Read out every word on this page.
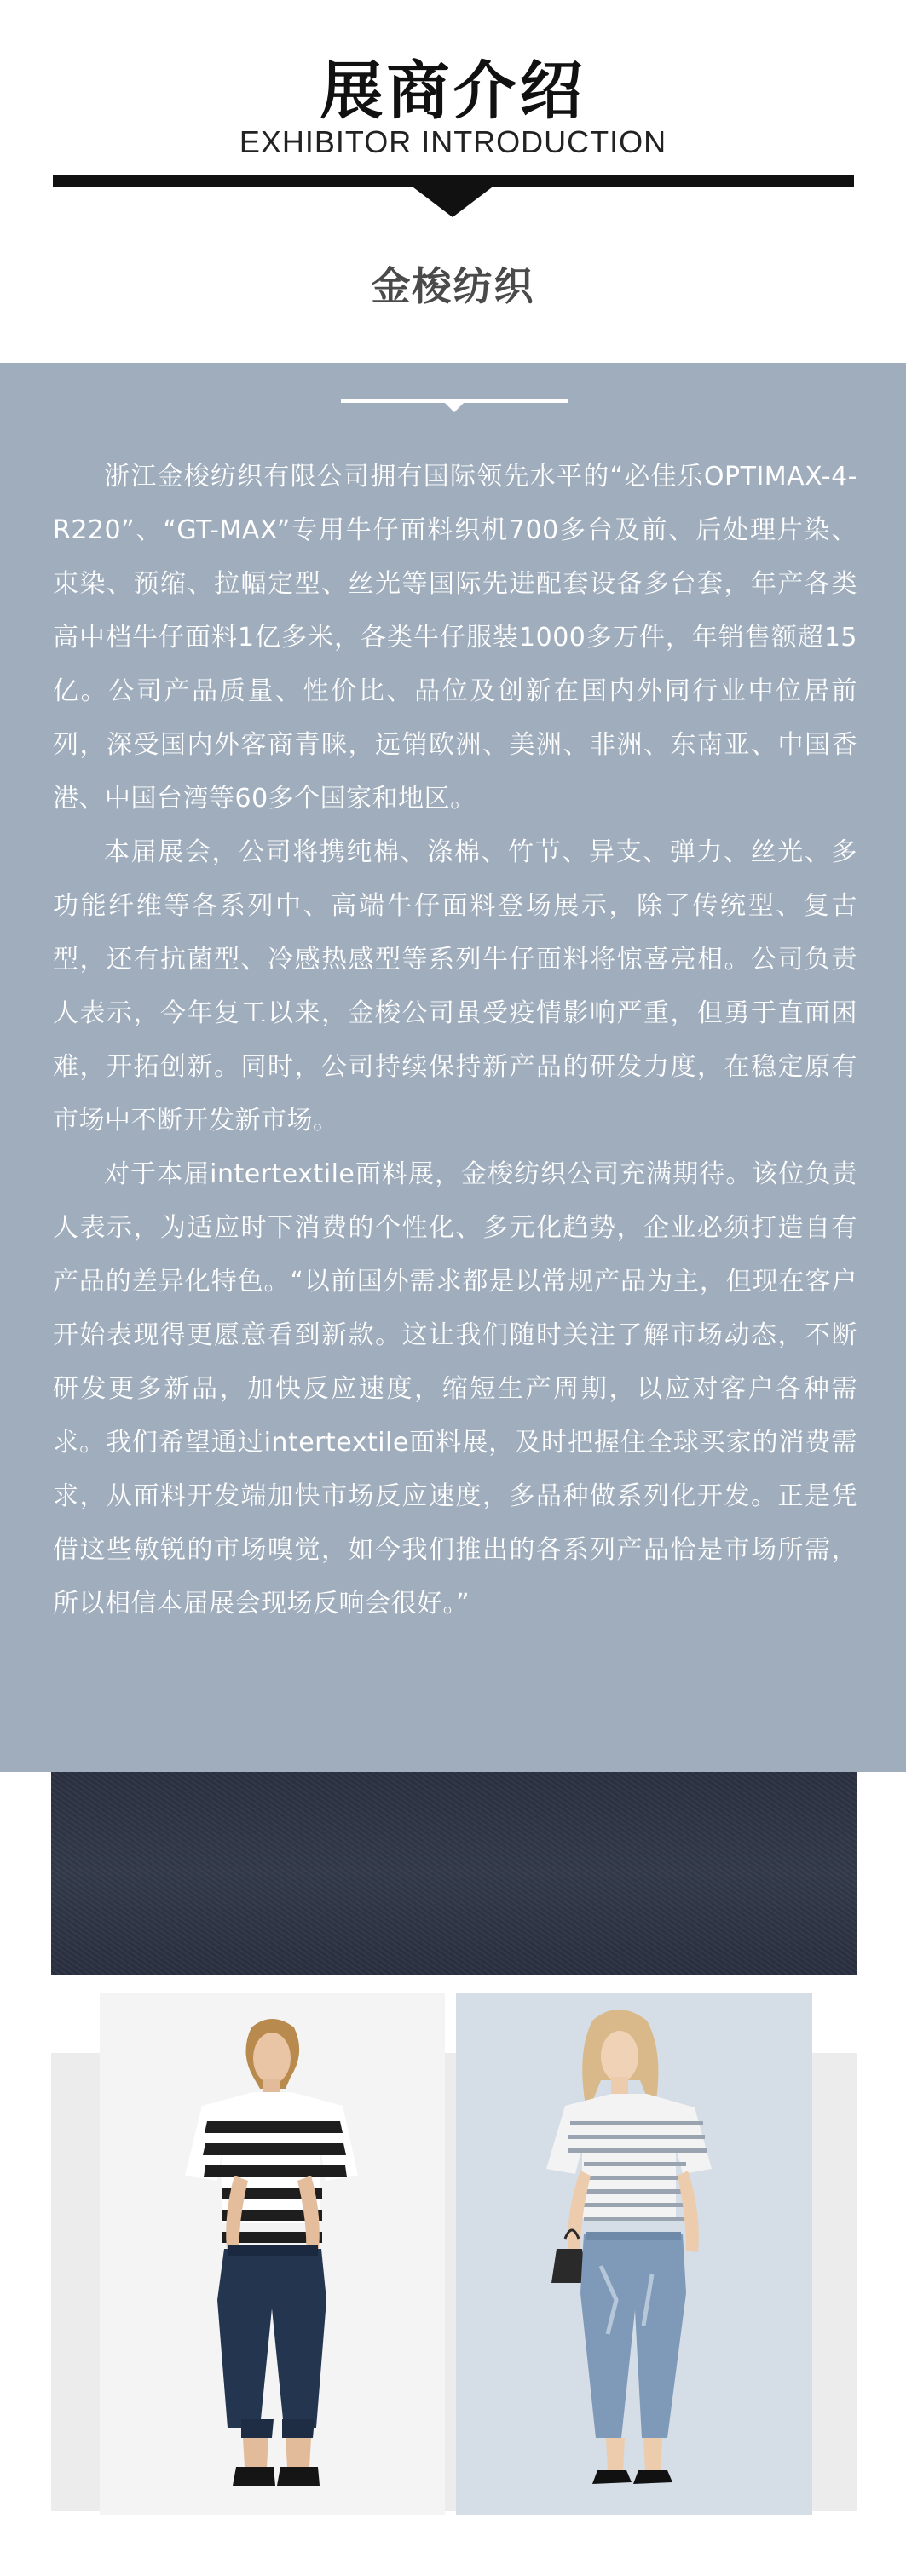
展商介绍
EXHIBITOR INTRODUCTION
金梭纺织

浙江金梭纺织有限公司拥有国际领先水平的“必佳乐OPTIMAX-4-R220”、“GT-MAX”专用牛仔面料织机700多台及前、后处理片染、束染、预缩、拉幅定型、丝光等国际先进配套设备多台套，年产各类高中档牛仔面料1亿多米，各类牛仔服装1000多万件，年销售额超15亿。公司产品质量、性价比、品位及创新在国内外同行业中位居前列，深受国内外客商青睐，远销欧洲、美洲、非洲、东南亚、中国香港、中国台湾等60多个国家和地区。

本届展会，公司将携纯棉、涤棉、竹节、异支、弹力、丝光、多功能纤维等各系列中、高端牛仔面料登场展示，除了传统型、复古型，还有抗菌型、冷感热感型等系列牛仔面料将惊喜亮相。公司负责人表示，今年复工以来，金梭公司虽受疫情影响严重，但勇于直面困难，开拓创新。同时，公司持续保持新产品的研发力度，在稳定原有市场中不断开发新市场。

对于本届intertextile面料展，金梭纺织公司充满期待。该位负责人表示，为适应时下消费的个性化、多元化趋势，企业必须打造自有产品的差异化特色。“以前国外需求都是以常规产品为主，但现在客户开始表现得更愿意看到新款。这让我们随时关注了解市场动态，不断研发更多新品，加快反应速度，缩短生产周期，以应对客户各种需求。我们希望通过intertextile面料展，及时把握住全球买家的消费需求，从面料开发端加快市场反应速度，多品种做系列化开发。正是凭借这些敏锐的市场嗅觉，如今我们推出的各系列产品恰是市场所需，所以相信本届展会现场反响会很好。”
